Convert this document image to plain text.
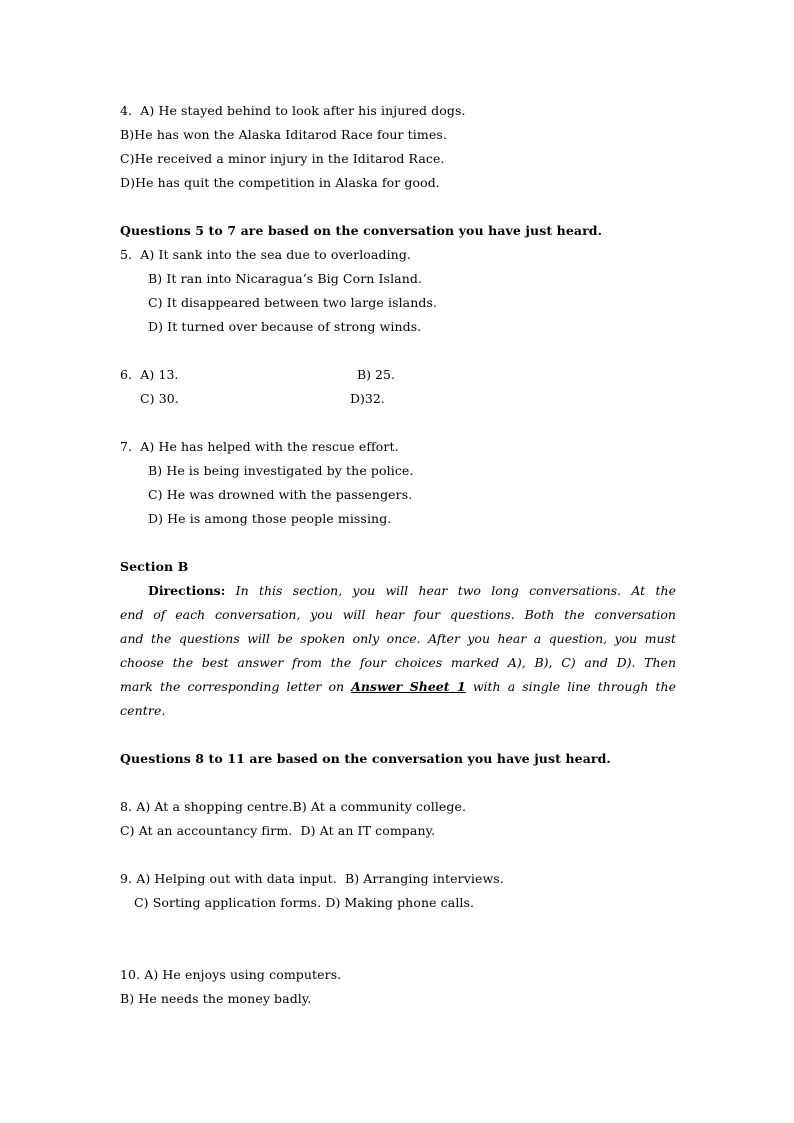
4.  A) He stayed behind to look after his injured dogs.
B)He has won the Alaska Iditarod Race four times.
C)He received a minor injury in the Iditarod Race.
D)He has quit the competition in Alaska for good.
Questions 5 to 7 are based on the conversation you have just heard.
5.  A) It sank into the sea due to overloading.
B) It ran into Nicaragua’s Big Corn Island.
C) It disappeared between two large islands.
D) It turned over because of strong winds.
6.  A) 13.	B) 25.
C) 30.	D)32.
7.  A) He has helped with the rescue effort.
B) He is being investigated by the police.
C) He was drowned with the passengers.
D) He is among those people missing.
Section B
Directions: In this section, you will hear two long conversations. At the
end of each conversation, you will hear four questions. Both the conversation
and the questions will be spoken only once. After you hear a question, you must
choose the best answer from the four choices marked A), B), C) and D). Then
mark the corresponding letter on Answer Sheet 1 with a single line through the
centre.
Questions 8 to 11 are based on the conversation you have just heard.
8. A) At a shopping centre.B) At a community college.
C) At an accountancy firm.  D) At an IT company.
9. A) Helping out with data input.  B) Arranging interviews.
C) Sorting application forms. D) Making phone calls.
10. A) He enjoys using computers.
B) He needs the money badly.
